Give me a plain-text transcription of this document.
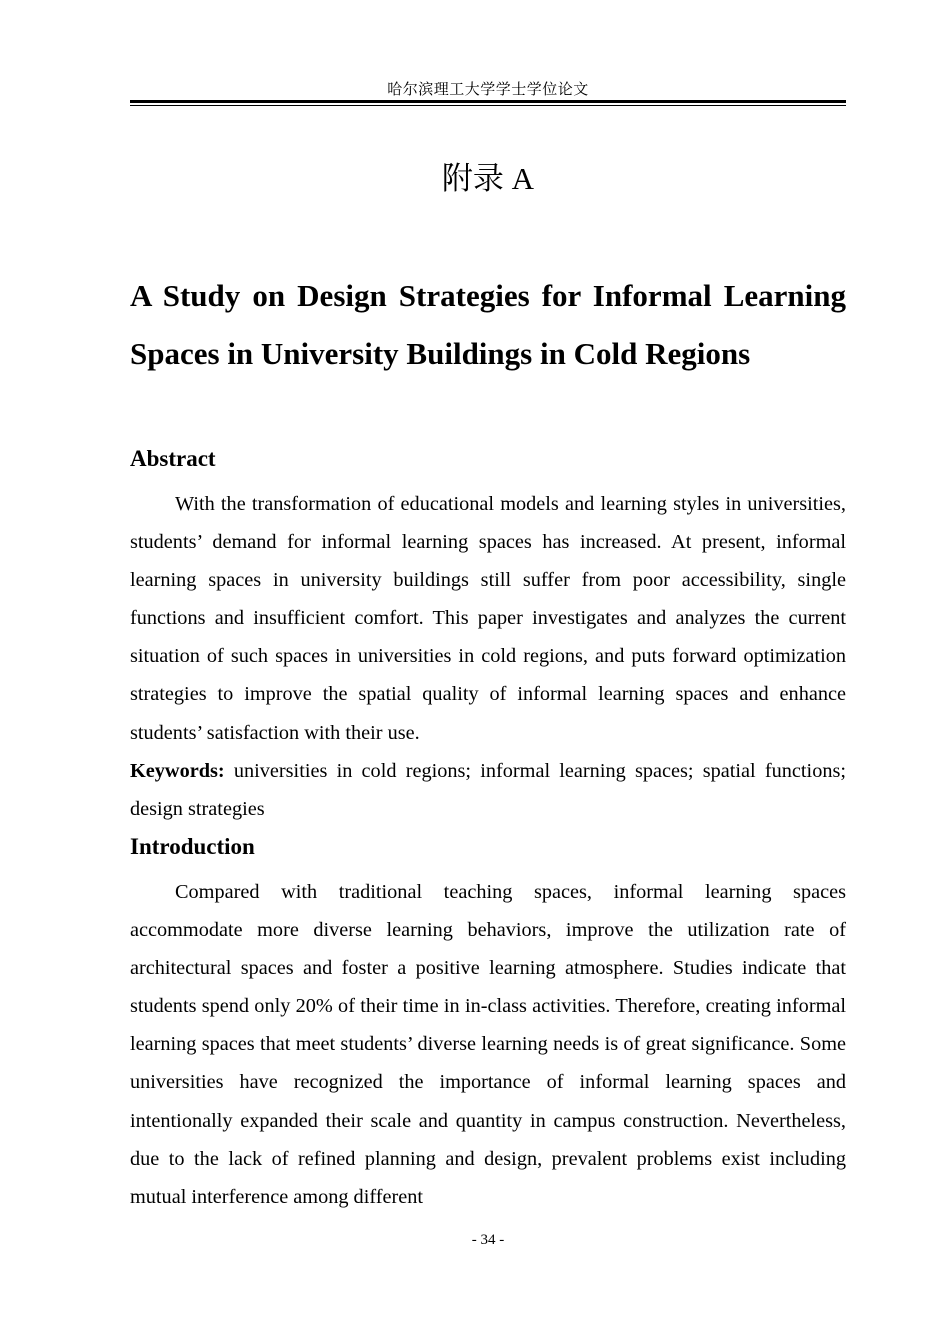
哈尔滨理工大学学士学位论文
附录 A
A Study on Design Strategies for Informal Learning Spaces in University Buildings in Cold Regions
Abstract
With the transformation of educational models and learning styles in universities, students’ demand for informal learning spaces has increased. At present, informal learning spaces in university buildings still suffer from poor accessibility, single functions and insufficient comfort. This paper investigates and analyzes the current situation of such spaces in universities in cold regions, and puts forward optimization strategies to improve the spatial quality of informal learning spaces and enhance students’ satisfaction with their use.
Keywords: universities in cold regions; informal learning spaces; spatial functions; design strategies
Introduction
Compared with traditional teaching spaces, informal learning spaces accommodate more diverse learning behaviors, improve the utilization rate of architectural spaces and foster a positive learning atmosphere. Studies indicate that students spend only 20% of their time in in-class activities. Therefore, creating informal learning spaces that meet students’ diverse learning needs is of great significance. Some universities have recognized the importance of informal learning spaces and intentionally expanded their scale and quantity in campus construction. Nevertheless, due to the lack of refined planning and design, prevalent problems exist including mutual interference among different
- 34 -
